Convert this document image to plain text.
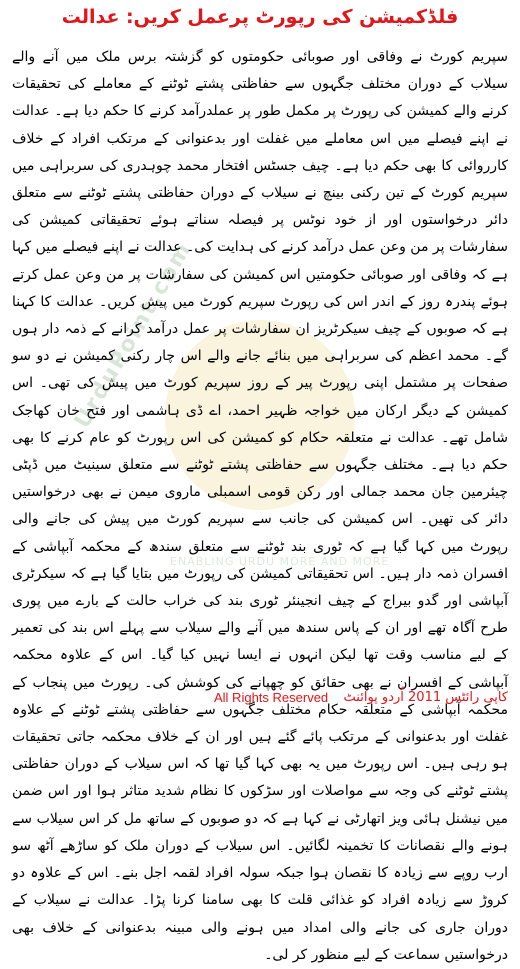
UrduPoint.com
ENABLING URDU MORE AND MORE
فلڈکمیشن کی رپورٹ پرعمل کریں: عدالت

سپریم کورٹ نے وفاقی اور صوبائی حکومتوں کو گزشتہ برس ملک میں آنے والے سیلاب کے دوران مختلف جگہوں سے حفاظتی پشتے ٹوٹنے کے معاملے کی تحقیقات کرنے والے کمیشن کی رپورٹ پر مکمل طور پر عملدرآمد کرنے کا حکم دیا ہے۔ عدالت نے اپنے فیصلے میں اس معاملے میں غفلت اور بدعنوانی کے مرتکب افراد کے خلاف کارروائی کا بھی حکم دیا ہے۔ چیف جسٹس افتخار محمد چوہدری کی سربراہی میں سپریم کورٹ کے تین رکنی بینچ نے سیلاب کے دوران حفاظتی پشتے ٹوٹنے سے متعلق دائر درخواستوں اور از خود نوٹس پر فیصلہ سناتے ہوئے تحقیقاتی کمیشن کی سفارشات پر من وعن عمل درآمد کرنے کی ہدایت کی۔ عدالت نے اپنے فیصلے میں کہا ہے کہ وفاقی اور صوبائی حکومتیں اس کمیشن کی سفارشات پر من وعن عمل کرتے ہوئے پندرہ روز کے اندر اس کی رپورٹ سپریم کورٹ میں پیش کریں۔ عدالت کا کہنا ہے کہ صوبوں کے چیف سیکرٹریز ان سفارشات پر عمل درآمد کرانے کے ذمہ دار ہوں گے۔ محمد اعظم کی سربراہی میں بنائے جانے والے اس چار رکنی کمیشن نے دو سو صفحات پر مشتمل اپنی رپورٹ پیر کے روز سپریم کورٹ میں پیش کی تھی۔ اس کمیشن کے دیگر ارکان میں خواجہ ظہیر احمد، اے ڈی ہاشمی اور فتح خان کھاجک شامل تھے۔ عدالت نے متعلقہ حکام کو کمیشن کی اس رپورٹ کو عام کرنے کا بھی حکم دیا ہے۔ مختلف جگہوں سے حفاظتی پشتے ٹوٹنے سے متعلق سینیٹ میں ڈپٹی چیئرمین جان محمد جمالی اور رکن قومی اسمبلی ماروی میمن نے بھی درخواستیں دائر کی تھیں۔ اس کمیشن کی جانب سے سپریم کورٹ میں پیش کی جانے والی رپورٹ میں کہا گیا ہے کہ ٹوری بند ٹوٹنے سے متعلق سندھ کے محکمہ آبپاشی کے افسران ذمہ دار ہیں۔ اس تحقیقاتی کمیشن کی رپورٹ میں بتایا گیا ہے کہ سیکرٹری آبپاشی اور گدو بیراج کے چیف انجینئر ٹوری بند کی خراب حالت کے بارے میں پوری طرح آگاہ تھے اور ان کے پاس سندھ میں آنے والے سیلاب سے پہلے اس بند کی تعمیر کے لیے مناسب وقت تھا لیکن انہوں نے ایسا نہیں کیا گیا۔ اس کے علاوہ محکمہ آبپاشی کے افسران نے بھی حقائق کو چھپانے کی کوشش کی۔ رپورٹ میں پنجاب کے محکمہ آبپاشی کے متعلقہ حکام مختلف جگہوں سے حفاظتی پشتے ٹوٹنے کے علاوہ غفلت اور بدعنوانی کے مرتکب پائے گئے ہیں اور ان کے خلاف محکمہ جاتی تحقیقات ہو رہی ہیں۔ اس رپورٹ میں یہ بھی کہا گیا تھا کہ اس سیلاب کے دوران حفاظتی پشتے ٹوٹنے کی وجہ سے مواصلات اور سڑکوں کا نظام شدید متاثر ہوا اور اس ضمن میں نیشنل ہائی ویز اتھارٹی نے کہا ہے کہ دو صوبوں کے ساتھ مل کر اس سیلاب سے ہونے والے نقصانات کا تخمینہ لگائیں۔ اس سیلاب کے دوران ملک کو ساڑھے آٹھ سو ارب روپے سے زیادہ کا نقصان ہوا جبکہ سولہ افراد لقمہ اجل بنے۔ اس کے علاوہ دو کروڑ سے زیادہ افراد کو غذائی قلت کا بھی سامنا کرنا پڑا۔ عدالت نے سیلاب کے دوران جاری کی جانے والی امداد میں ہونے والی مبینہ بدعنوانی کے خلاف بھی درخواستیں سماعت کے لیے منظور کر لی۔

All Rights Reserved کاپی رائٹس 2011 اُردو پوائنٹ
